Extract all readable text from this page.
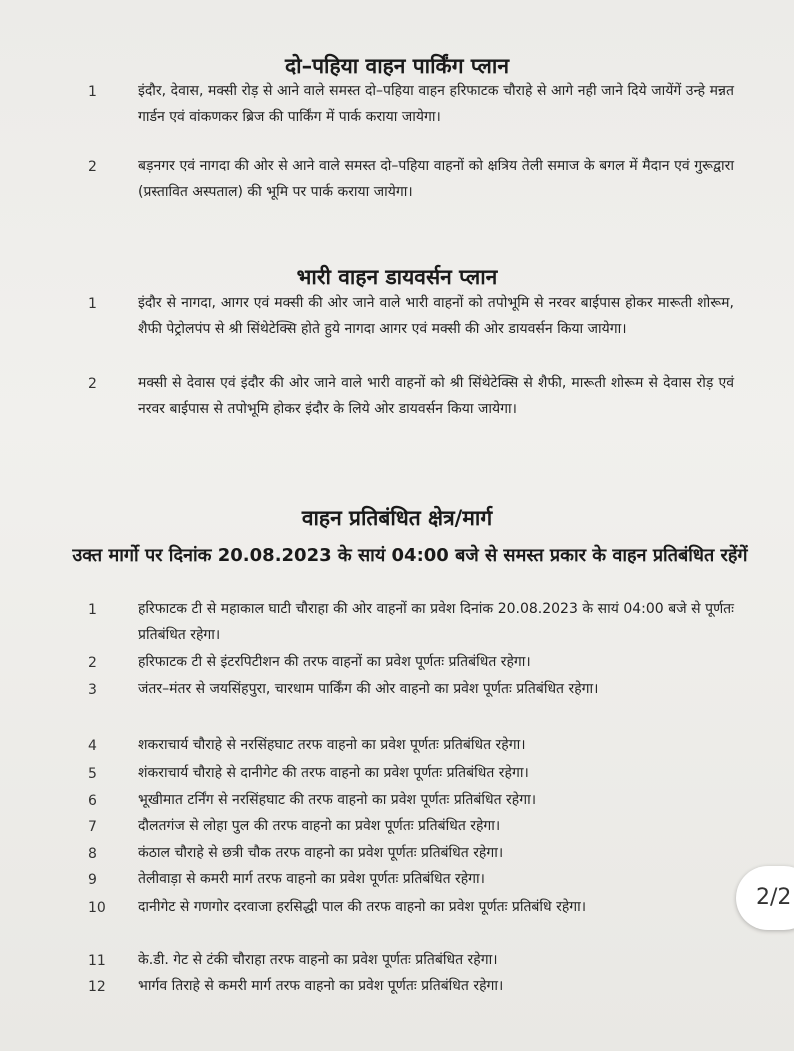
दो–पहिया वाहन पार्किंग प्लान
1	इंदौर, देवास, मक्सी रोड़ से आने वाले समस्त दो–पहिया वाहन हरिफाटक चौराहे से आगे नही जाने दिये जायेंगें उन्हे मन्नत गार्डन एवं वांकणकर ब्रिज की पार्किंग में पार्क कराया जायेगा।
2	बड़नगर एवं नागदा की ओर से आने वाले समस्त दो–पहिया वाहनों को क्षत्रिय तेली समाज के बगल में मैदान एवं गुरूद्वारा (प्रस्तावित अस्पताल) की भूमि पर पार्क कराया जायेगा।
भारी वाहन डायवर्सन प्लान
1	इंदौर से नागदा, आगर एवं मक्सी की ओर जाने वाले भारी वाहनों को तपोभूमि से नरवर बाईपास होकर मारूती शोरूम, शैफी पेट्रोलपंप से श्री सिंथेटेक्सि होते हुये नागदा आगर एवं मक्सी की ओर डायवर्सन किया जायेगा।
2	मक्सी से देवास एवं इंदौर की ओर जाने वाले भारी वाहनों को श्री सिंथेटेक्सि से शैफी, मारूती शोरूम से देवास रोड़ एवं नरवर बाईपास से तपोभूमि होकर इंदौर के लिये ओर डायवर्सन किया जायेगा।
वाहन प्रतिबंधित क्षेत्र/मार्ग
उक्त मार्गो पर दिनांक 20.08.2023 के सायं 04:00 बजे से समस्त प्रकार के वाहन प्रतिबंधित रहेंगें
1	हरिफाटक टी से महाकाल घाटी चौराहा की ओर वाहनों का प्रवेश दिनांक 20.08.2023 के सायं 04:00 बजे से पूर्णतः प्रतिबंधित रहेगा।
2	हरिफाटक टी से इंटरपिटीशन की तरफ वाहनों का प्रवेश पूर्णतः प्रतिबंधित रहेगा।
3	जंतर–मंतर से जयसिंहपुरा, चारधाम पार्किंग की ओर वाहनो का प्रवेश पूर्णतः प्रतिबंधित रहेगा।
4	शकराचार्य चौराहे से नरसिंहघाट तरफ वाहनो का प्रवेश पूर्णतः प्रतिबंधित रहेगा।
5	शंकराचार्य चौराहे से दानीगेट की तरफ वाहनो का प्रवेश पूर्णतः प्रतिबंधित रहेगा।
6	भूखीमात टर्निंग से नरसिंहघाट की तरफ वाहनो का प्रवेश पूर्णतः प्रतिबंधित रहेगा।
7	दौलतगंज से लोहा पुल की तरफ वाहनो का प्रवेश पूर्णतः प्रतिबंधित रहेगा।
8	कंठाल चौराहे से छत्री चौक तरफ वाहनो का प्रवेश पूर्णतः प्रतिबंधित रहेगा।
9	तेलीवाड़ा से कमरी मार्ग तरफ वाहनो का प्रवेश पूर्णतः प्रतिबंधित रहेगा।
10 दानीगेट से गणगोर दरवाजा हरसिद्धी पाल की तरफ वाहनो का प्रवेश पूर्णतः प्रतिबंधि रहेगा।
11 के.डी. गेट से टंकी चौराहा तरफ वाहनो का प्रवेश पूर्णतः प्रतिबंधित रहेगा।
12 भार्गव तिराहे से कमरी मार्ग तरफ वाहनो का प्रवेश पूर्णतः प्रतिबंधित रहेगा।
2/2
